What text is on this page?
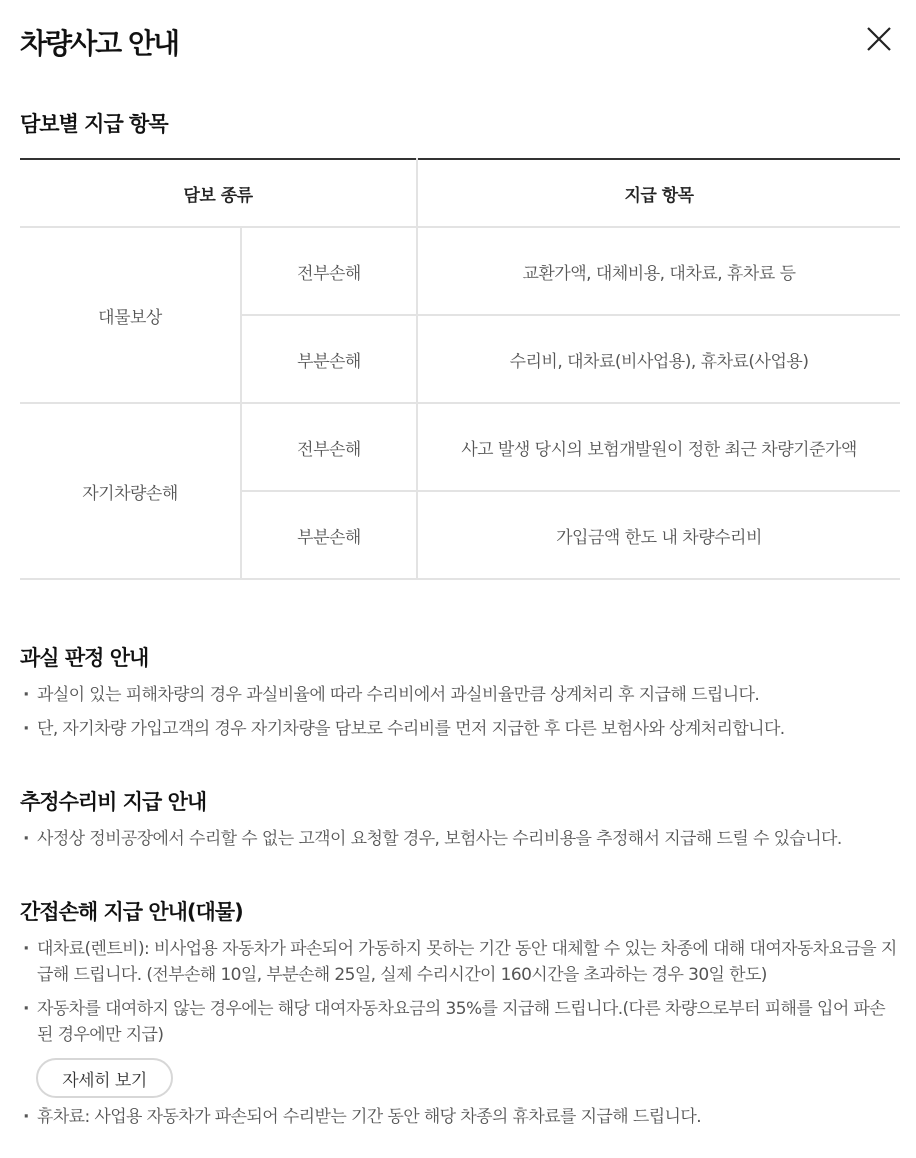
차량사고 안내
담보별 지급 항목
담보 종류		지급 항목
대물보상	전부손해	교환가액, 대체비용, 대차료, 휴차료 등
	부분손해	수리비, 대차료(비사업용), 휴차료(사업용)
자기차량손해	전부손해	사고 발생 당시의 보험개발원이 정한 최근 차량기준가액
	부분손해	가입금액 한도 내 차량수리비
과실 판정 안내
· 과실이 있는 피해차량의 경우 과실비율에 따라 수리비에서 과실비율만큼 상계처리 후 지급해 드립니다.
· 단, 자기차량 가입고객의 경우 자기차량을 담보로 수리비를 먼저 지급한 후 다른 보험사와 상계처리합니다.
추정수리비 지급 안내
· 사정상 정비공장에서 수리할 수 없는 고객이 요청할 경우, 보험사는 수리비용을 추정해서 지급해 드릴 수 있습니다.
간접손해 지급 안내(대물)
· 대차료(렌트비): 비사업용 자동차가 파손되어 가동하지 못하는 기간 동안 대체할 수 있는 차종에 대해 대여자동차요금을 지급해 드립니다. (전부손해 10일, 부분손해 25일, 실제 수리시간이 160시간을 초과하는 경우 30일 한도)
· 자동차를 대여하지 않는 경우에는 해당 대여자동차요금의 35%를 지급해 드립니다.(다른 차량으로부터 피해를 입어 파손된 경우에만 지급)
자세히 보기
· 휴차료: 사업용 자동차가 파손되어 수리받는 기간 동안 해당 차종의 휴차료를 지급해 드립니다.
